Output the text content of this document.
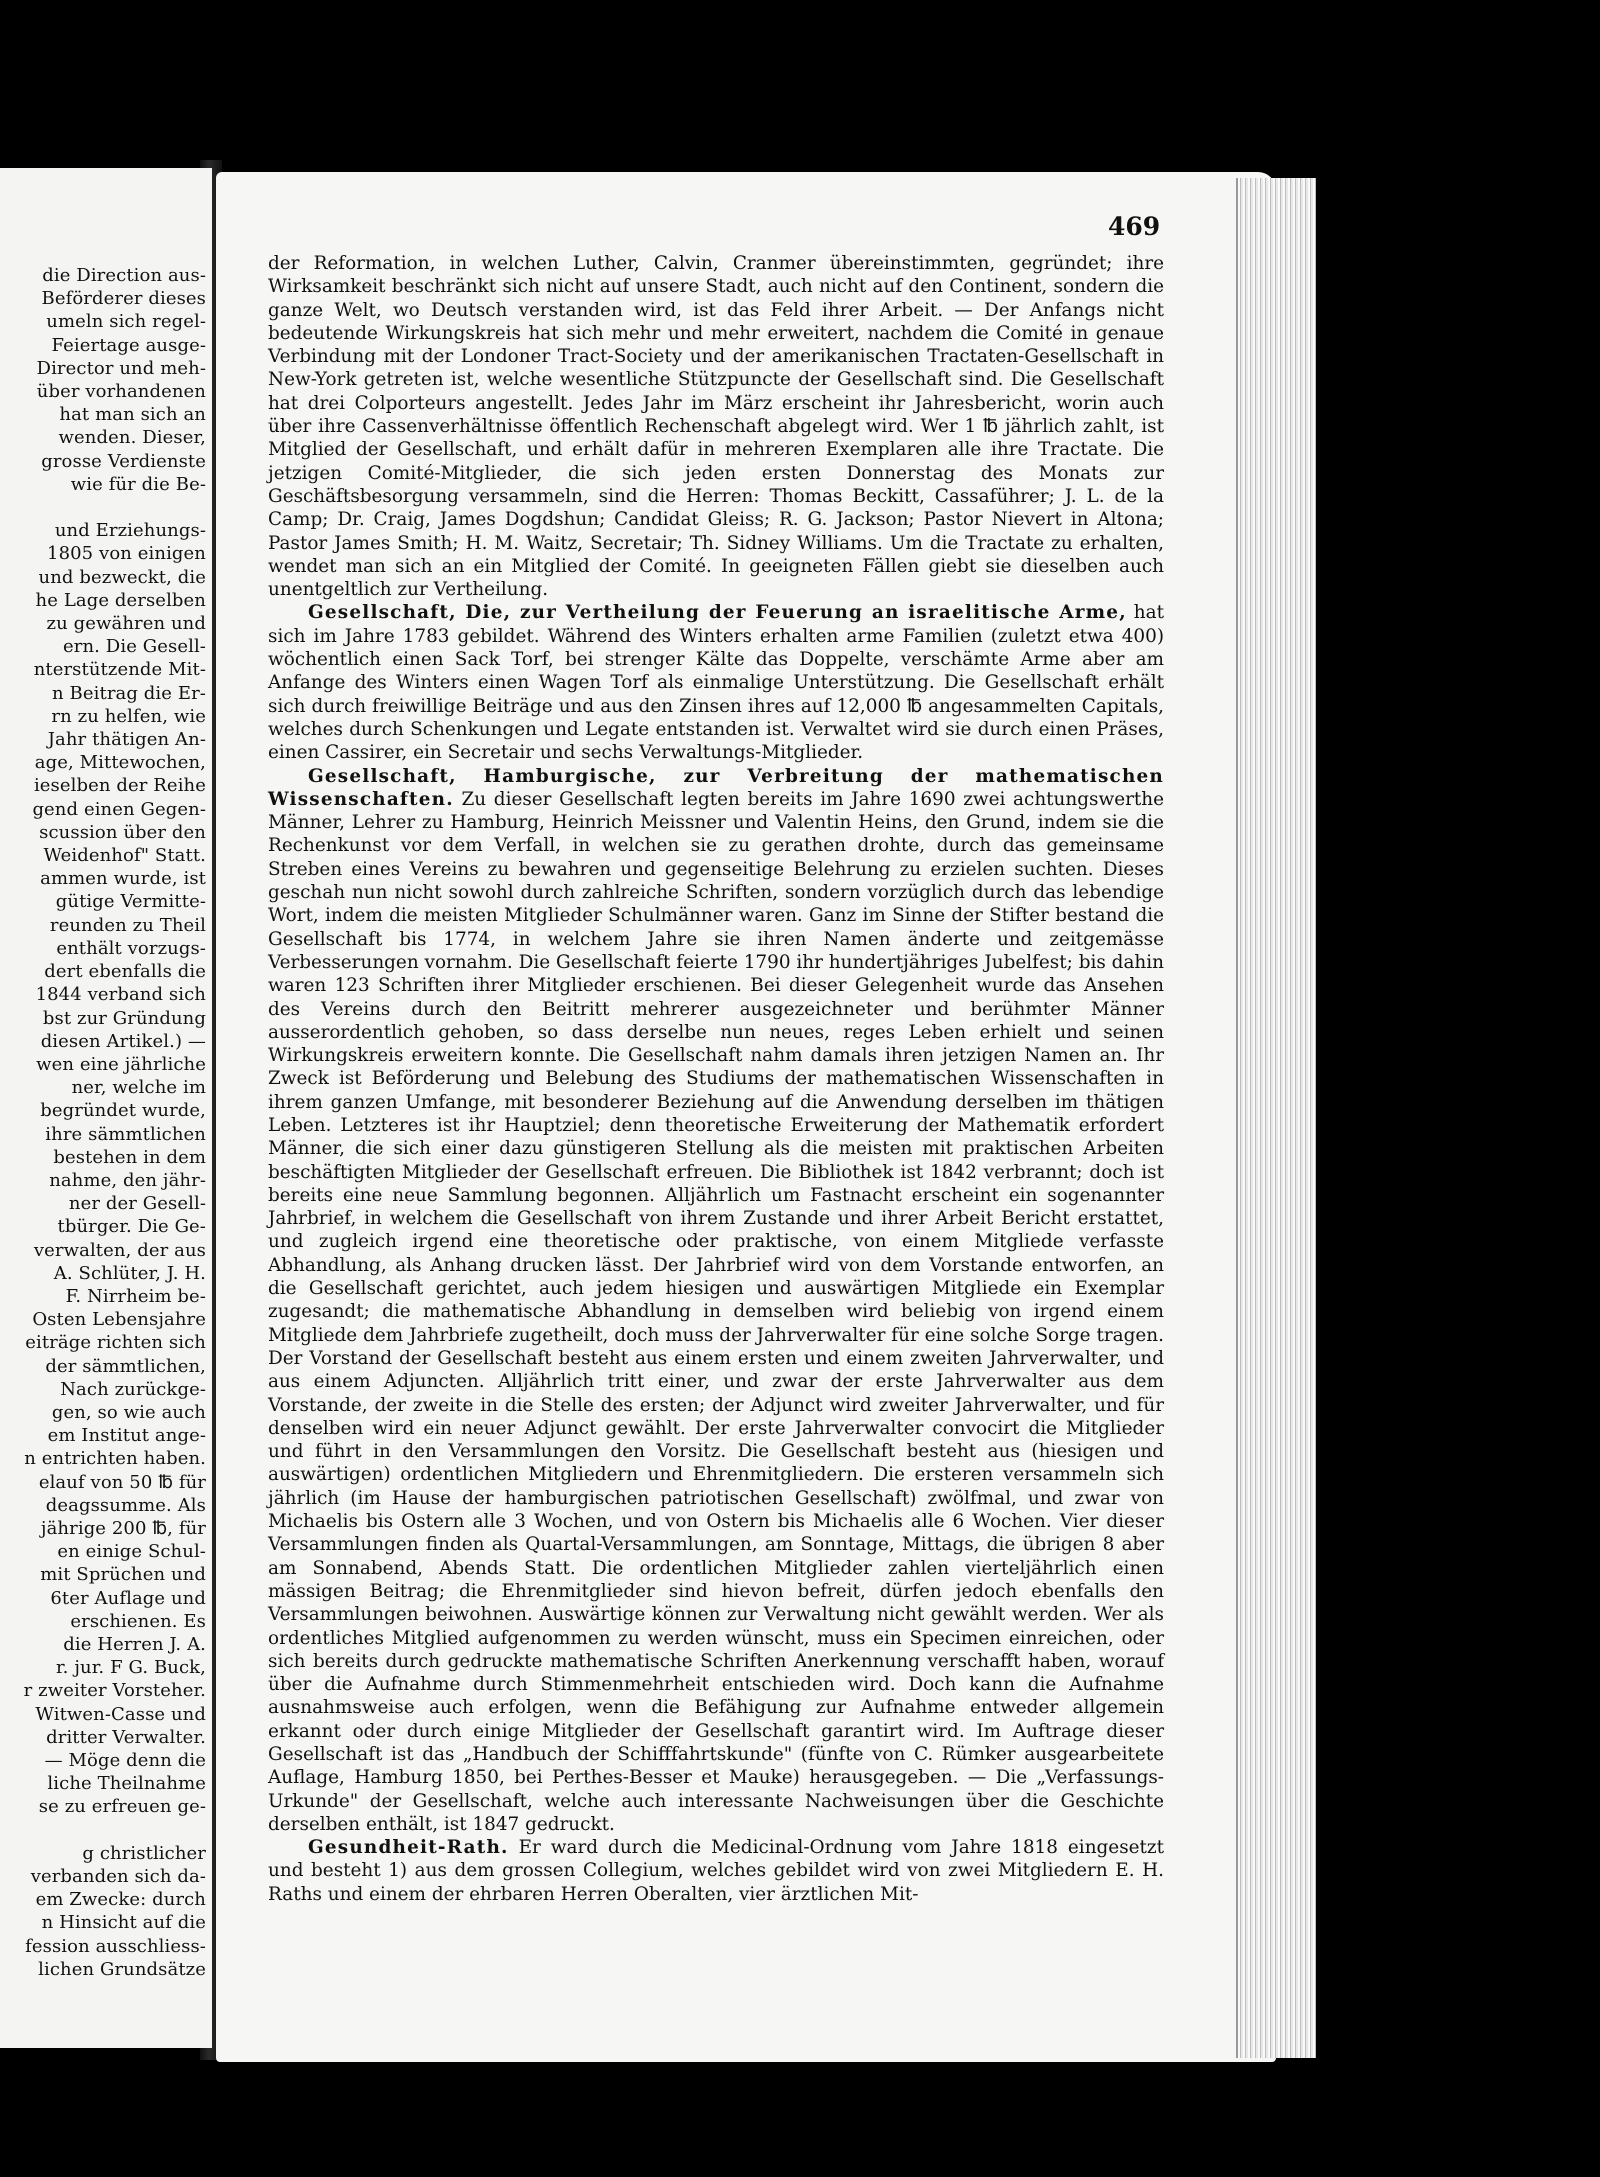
die Direction aus-
Beförderer dieses
umeln sich regel-
Feiertage ausge-
Director und meh-
über vorhandenen
hat man sich an
wenden. Dieser,
grosse Verdienste
wie für die Be-

und Erziehungs-
1805 von einigen
und bezweckt, die
he Lage derselben
zu gewähren und
ern. Die Gesell-
nterstützende Mit-
n Beitrag die Er-
rn zu helfen, wie
Jahr thätigen An-
age, Mittewochen,
ieselben der Reihe
gend einen Gegen-
scussion über den
Weidenhof" Statt.
ammen wurde, ist
gütige Vermitte-
reunden zu Theil
enthält vorzugs-
dert ebenfalls die
1844 verband sich
bst zur Gründung
diesen Artikel.) —
wen eine jährliche
ner, welche im
begründet wurde,
ihre sämmtlichen
bestehen in dem
nahme, den jähr-
ner der Gesell-
tbürger. Die Ge-
verwalten, der aus
A. Schlüter, J. H.
F. Nirrheim be-
Osten Lebensjahre
eiträge richten sich
der sämmtlichen,
Nach zurückge-
gen, so wie auch
em Institut ange-
n entrichten haben.
elauf von 50 ℔ für
deagssumme. Als
jährige 200 ℔, für
en einige Schul-
mit Sprüchen und
6ter Auflage und
erschienen. Es
die Herren J. A.
r. jur. F G. Buck,
r zweiter Vorsteher.
Witwen-Casse und
dritter Verwalter.
— Möge denn die
liche Theilnahme
se zu erfreuen ge-

g christlicher
verbanden sich da-
em Zwecke: durch
n Hinsicht auf die
fession ausschliess-
lichen Grundsätze
469

der Reformation, in welchen Luther, Calvin, Cranmer übereinstimmten, gegründet; ihre Wirksamkeit beschränkt sich nicht auf unsere Stadt, auch nicht auf den Continent, sondern die ganze Welt, wo Deutsch verstanden wird, ist das Feld ihrer Arbeit. — Der Anfangs nicht bedeutende Wirkungskreis hat sich mehr und mehr erweitert, nachdem die Comité in genaue Verbindung mit der Londoner Tract-Society und der amerikanischen Tractaten-Gesellschaft in New-York getreten ist, welche wesentliche Stützpuncte der Gesellschaft sind. Die Gesellschaft hat drei Colporteurs angestellt. Jedes Jahr im März erscheint ihr Jahresbericht, worin auch über ihre Cassenverhältnisse öffentlich Rechenschaft abgelegt wird. Wer 1 ℔ jährlich zahlt, ist Mitglied der Gesellschaft, und erhält dafür in mehreren Exemplaren alle ihre Tractate. Die jetzigen Comité-Mitglieder, die sich jeden ersten Donnerstag des Monats zur Geschäftsbesorgung versammeln, sind die Herren: Thomas Beckitt, Cassaführer; J. L. de la Camp; Dr. Craig, James Dogdshun; Candidat Gleiss; R. G. Jackson; Pastor Nievert in Altona; Pastor James Smith; H. M. Waitz, Secretair; Th. Sidney Williams. Um die Tractate zu erhalten, wendet man sich an ein Mitglied der Comité. In geeigneten Fällen giebt sie dieselben auch unentgeltlich zur Vertheilung.

Gesellschaft, Die, zur Vertheilung der Feuerung an israelitische Arme, hat sich im Jahre 1783 gebildet. Während des Winters erhalten arme Familien (zuletzt etwa 400) wöchentlich einen Sack Torf, bei strenger Kälte das Doppelte, verschämte Arme aber am Anfange des Winters einen Wagen Torf als einmalige Unterstützung. Die Gesellschaft erhält sich durch freiwillige Beiträge und aus den Zinsen ihres auf 12,000 ℔ angesammelten Capitals, welches durch Schenkungen und Legate entstanden ist. Verwaltet wird sie durch einen Präses, einen Cassirer, ein Secretair und sechs Verwaltungs-Mitglieder.

Gesellschaft, Hamburgische, zur Verbreitung der mathematischen Wissenschaften. Zu dieser Gesellschaft legten bereits im Jahre 1690 zwei achtungswerthe Männer, Lehrer zu Hamburg, Heinrich Meissner und Valentin Heins, den Grund, indem sie die Rechenkunst vor dem Verfall, in welchen sie zu gerathen drohte, durch das gemeinsame Streben eines Vereins zu bewahren und gegenseitige Belehrung zu erzielen suchten. Dieses geschah nun nicht sowohl durch zahlreiche Schriften, sondern vorzüglich durch das lebendige Wort, indem die meisten Mitglieder Schulmänner waren. Ganz im Sinne der Stifter bestand die Gesellschaft bis 1774, in welchem Jahre sie ihren Namen änderte und zeitgemässe Verbesserungen vornahm. Die Gesellschaft feierte 1790 ihr hundertjähriges Jubelfest; bis dahin waren 123 Schriften ihrer Mitglieder erschienen. Bei dieser Gelegenheit wurde das Ansehen des Vereins durch den Beitritt mehrerer ausgezeichneter und berühmter Männer ausserordentlich gehoben, so dass derselbe nun neues, reges Leben erhielt und seinen Wirkungskreis erweitern konnte. Die Gesellschaft nahm damals ihren jetzigen Namen an. Ihr Zweck ist Beförderung und Belebung des Studiums der mathematischen Wissenschaften in ihrem ganzen Umfange, mit besonderer Beziehung auf die Anwendung derselben im thätigen Leben. Letzteres ist ihr Hauptziel; denn theoretische Erweiterung der Mathematik erfordert Männer, die sich einer dazu günstigeren Stellung als die meisten mit praktischen Arbeiten beschäftigten Mitglieder der Gesellschaft erfreuen. Die Bibliothek ist 1842 verbrannt; doch ist bereits eine neue Sammlung begonnen. Alljährlich um Fastnacht erscheint ein sogenannter Jahrbrief, in welchem die Gesellschaft von ihrem Zustande und ihrer Arbeit Bericht erstattet, und zugleich irgend eine theoretische oder praktische, von einem Mitgliede verfasste Abhandlung, als Anhang drucken lässt. Der Jahrbrief wird von dem Vorstande entworfen, an die Gesellschaft gerichtet, auch jedem hiesigen und auswärtigen Mitgliede ein Exemplar zugesandt; die mathematische Abhandlung in demselben wird beliebig von irgend einem Mitgliede dem Jahrbriefe zugetheilt, doch muss der Jahrverwalter für eine solche Sorge tragen. Der Vorstand der Gesellschaft besteht aus einem ersten und einem zweiten Jahrverwalter, und aus einem Adjuncten. Alljährlich tritt einer, und zwar der erste Jahrverwalter aus dem Vorstande, der zweite in die Stelle des ersten; der Adjunct wird zweiter Jahrverwalter, und für denselben wird ein neuer Adjunct gewählt. Der erste Jahrverwalter convocirt die Mitglieder und führt in den Versammlungen den Vorsitz. Die Gesellschaft besteht aus (hiesigen und auswärtigen) ordentlichen Mitgliedern und Ehrenmitgliedern. Die ersteren versammeln sich jährlich (im Hause der hamburgischen patriotischen Gesellschaft) zwölfmal, und zwar von Michaelis bis Ostern alle 3 Wochen, und von Ostern bis Michaelis alle 6 Wochen. Vier dieser Versammlungen finden als Quartal-Versammlungen, am Sonntage, Mittags, die übrigen 8 aber am Sonnabend, Abends Statt. Die ordentlichen Mitglieder zahlen vierteljährlich einen mässigen Beitrag; die Ehrenmitglieder sind hievon befreit, dürfen jedoch ebenfalls den Versammlungen beiwohnen. Auswärtige können zur Verwaltung nicht gewählt werden. Wer als ordentliches Mitglied aufgenommen zu werden wünscht, muss ein Specimen einreichen, oder sich bereits durch gedruckte mathematische Schriften Anerkennung verschafft haben, worauf über die Aufnahme durch Stimmenmehrheit entschieden wird. Doch kann die Aufnahme ausnahmsweise auch erfolgen, wenn die Befähigung zur Aufnahme entweder allgemein erkannt oder durch einige Mitglieder der Gesellschaft garantirt wird. Im Auftrage dieser Gesellschaft ist das „Handbuch der Schifffahrtskunde" (fünfte von C. Rümker ausgearbeitete Auflage, Hamburg 1850, bei Perthes-Besser et Mauke) herausgegeben. — Die „Verfassungs-Urkunde" der Gesellschaft, welche auch interessante Nachweisungen über die Geschichte derselben enthält, ist 1847 gedruckt.

Gesundheit-Rath. Er ward durch die Medicinal-Ordnung vom Jahre 1818 eingesetzt und besteht 1) aus dem grossen Collegium, welches gebildet wird von zwei Mitgliedern E. H. Raths und einem der ehrbaren Herren Oberalten, vier ärztlichen Mit-
